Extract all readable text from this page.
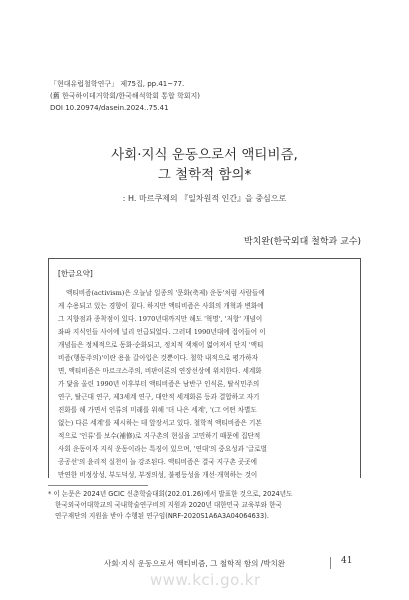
「현대유럽철학연구」 제75집, pp.41~77.
(舊 한국하이데거학회/한국해석학회 통합 학회지)
DOI 10.20974/dasein.2024..75.41
사회·지식 운동으로서 액티비즘,
그 철학적 함의*
: H. 마르쿠제의 『일차원적 인간』을 중심으로
박치완(한국외대 철학과 교수)
[한글요약]
액티비즘(activism)은 오늘날 일종의 '문화(축제) 운동'처럼 사람들에
게 수용되고 있는 경향이 짙다. 하지만 액티비즘은 사회의 개혁과 변화에
그 지향점과 종착점이 있다. 1970년대까지만 해도 '혁명', '저항' 개념이
좌파 지식인들 사이에 널리 언급되었다. 그러데 1990년대에 접어들어 이
개념들은 정체적으로 동화·순화되고, 정치적 색채이 엷어져서 단지 '액티
비즘(행동주의)'이란 용을 갈아입은 것뿐이다. 철학 내적으로 평가하자
면, 액티비즘은 마르크스주의, 비판이론의 연장선상에 위치한다. 세계화
가 닻을 올린 1990년 이후부터 액티비즘은 남반구 인식론, 탈식민주의
연구, 탈근대 연구, 제3세계 연구, 대안적 세계화론 등과 결합하고 자기
진화를 해 가면서 인류의 미래를 위해 '더 나은 세계', '(그 어떤 차별도
없는) 다른 세계'를 제시하는 데 앞장서고 있다. 철학적 액티비즘은 기본
적으로 '인류'를 보수(補修)로 지구촌의 현실을 고민하기 때문에 집단적
사회 운동이자 지식 운동이라는 특징이 있으며, '연대'의 중요성과 '글로벌
공공선'의 윤리적 실천이 늘 강조된다. 액티비즘은 결국 지구촌 곳곳에
만연한 비정상성, 부도덕성, 부정의성, 불평등성을 개선·개혁하는 것이
* 이 논문은 2024년 GCIC 신춘학술대회(202.01.26)에서 발표한 것으로, 2024년도
한국외국어대학교의 국내학술연구비의 지원과 2020년 대한민국 교육부와 한국
연구재단의 지원을 받아 수행된 연구임(NRF-2020S1A6A3A04064633).
사회·지식 운동으로서 액티비즘, 그 철학적 함의 /박치완	41
www.kci.go.kr
